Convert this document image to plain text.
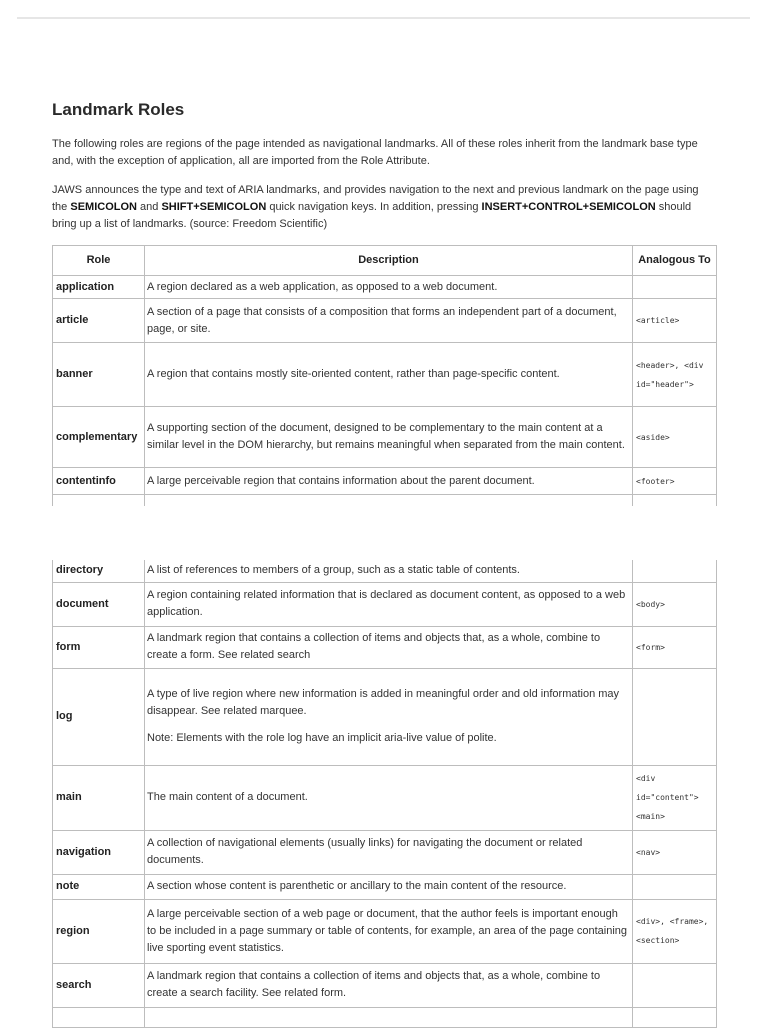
Landmark Roles

The following roles are regions of the page intended as navigational landmarks. All of these roles inherit from the landmark base type and, with the exception of application, all are imported from the Role Attribute.

JAWS announces the type and text of ARIA landmarks, and provides navigation to the next and previous landmark on the page using the SEMICOLON and SHIFT+SEMICOLON quick navigation keys. In addition, pressing INSERT+CONTROL+SEMICOLON should bring up a list of landmarks. (source: Freedom Scientific)

Role	Description	Analogous To
application	A region declared as a web application, as opposed to a web document.	
article	A section of a page that consists of a composition that forms an independent part of a document, page, or site.	<article>
banner	A region that contains mostly site-oriented content, rather than page-specific content.	<header>, <div id="header">
complementary	A supporting section of the document, designed to be complementary to the main content at a similar level in the DOM hierarchy, but remains meaningful when separated from the main content.	<aside>
contentinfo	A large perceivable region that contains information about the parent document.	<footer>

directory	A list of references to members of a group, such as a static table of contents.	
document	A region containing related information that is declared as document content, as opposed to a web application.	<body>
form	A landmark region that contains a collection of items and objects that, as a whole, combine to create a form. See related search	<form>
log	A type of live region where new information is added in meaningful order and old information may disappear. See related marquee.
Note: Elements with the role log have an implicit aria-live value of polite.	

main	The main content of a document.	<div id="content"> <main>
navigation	A collection of navigational elements (usually links) for navigating the document or related documents.	<nav>
note	A section whose content is parenthetic or ancillary to the main content of the resource.	
region	A large perceivable section of a web page or document, that the author feels is important enough to be included in a page summary or table of contents, for example, an area of the page containing live sporting event statistics.	<div>, <frame>, <section>
search	A landmark region that contains a collection of items and objects that, as a whole, combine to create a search facility. See related form.	
